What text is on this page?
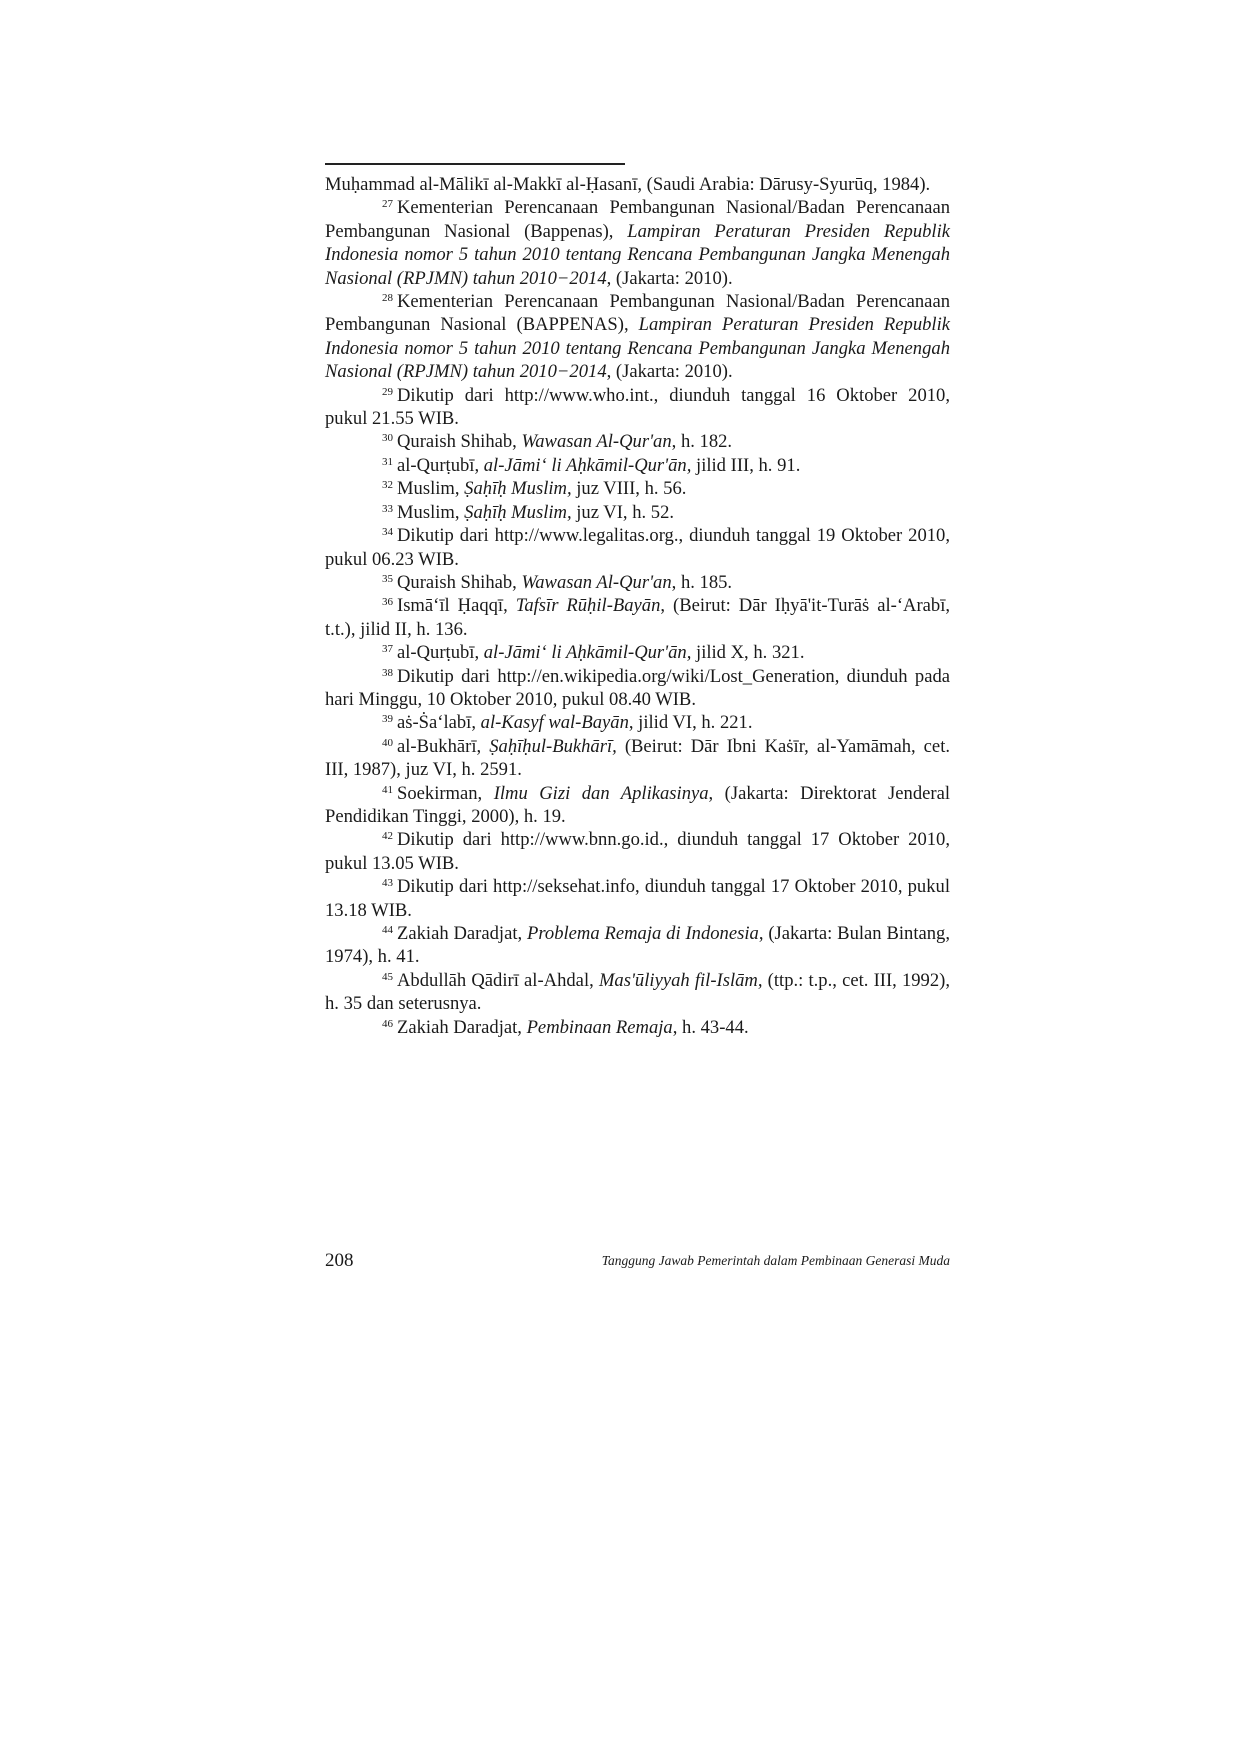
Muḥammad al-Mālikī al-Makkī al-Ḥasanī, (Saudi Arabia: Dārusy-Syurūq, 1984).

$^{27}$ Kementerian Perencanaan Pembangunan Nasional/Badan Perencanaan Pembangunan Nasional (Bappenas), Lampiran Peraturan Presiden Republik Indonesia nomor 5 tahun 2010 tentang Rencana Pembangunan Jangka Menengah Nasional (RPJMN) tahun 2010−2014, (Jakarta: 2010).

$^{28}$ Kementerian Perencanaan Pembangunan Nasional/Badan Perencanaan Pembangunan Nasional (BAPPENAS), Lampiran Peraturan Presiden Republik Indonesia nomor 5 tahun 2010 tentang Rencana Pembangunan Jangka Menengah Nasional (RPJMN) tahun 2010−2014, (Jakarta: 2010).

$^{29}$ Dikutip dari http://www.who.int., diunduh tanggal 16 Oktober 2010, pukul 21.55 WIB.

$^{30}$ Quraish Shihab, Wawasan Al-Qur'an, h. 182.

$^{31}$ al-Qurṭubī, al-Jāmi‘ li Aḥkāmil-Qur'ān, jilid III, h. 91.

$^{32}$ Muslim, Ṣaḥīḥ Muslim, juz VIII, h. 56.

$^{33}$ Muslim, Ṣaḥīḥ Muslim, juz VI, h. 52.

$^{34}$ Dikutip dari http://www.legalitas.org., diunduh tanggal 19 Oktober 2010, pukul 06.23 WIB.

$^{35}$ Quraish Shihab, Wawasan Al-Qur'an, h. 185.

$^{36}$ Ismā‘īl Ḥaqqī, Tafsīr Rūḥil-Bayān, (Beirut: Dār Iḥyā'it-Turāṡ al-‘Arabī, t.t.), jilid II, h. 136.

$^{37}$ al-Qurṭubī, al-Jāmi‘ li Aḥkāmil-Qur'ān, jilid X, h. 321.

$^{38}$ Dikutip dari http://en.wikipedia.org/wiki/Lost_Generation, diunduh pada hari Minggu, 10 Oktober 2010, pukul 08.40 WIB.

$^{39}$ aṡ-Ṡa‘labī, al-Kasyf wal-Bayān, jilid VI, h. 221.

$^{40}$ al-Bukhārī, Ṣaḥīḥul-Bukhārī, (Beirut: Dār Ibni Kaṡīr, al-Yamāmah, cet. III, 1987), juz VI, h. 2591.

$^{41}$ Soekirman, Ilmu Gizi dan Aplikasinya, (Jakarta: Direktorat Jenderal Pendidikan Tinggi, 2000), h. 19.

$^{42}$ Dikutip dari http://www.bnn.go.id., diunduh tanggal 17 Oktober 2010, pukul 13.05 WIB.

$^{43}$ Dikutip dari http://seksehat.info, diunduh tanggal 17 Oktober 2010, pukul 13.18 WIB.

$^{44}$ Zakiah Daradjat, Problema Remaja di Indonesia, (Jakarta: Bulan Bintang, 1974), h. 41.

$^{45}$ Abdullāh Qādirī al-Ahdal, Mas'ūliyyah fil-Islām, (ttp.: t.p., cet. III, 1992), h. 35 dan seterusnya.

$^{46}$ Zakiah Daradjat, Pembinaan Remaja, h. 43-44.

208	Tanggung Jawab Pemerintah dalam Pembinaan Generasi Muda
